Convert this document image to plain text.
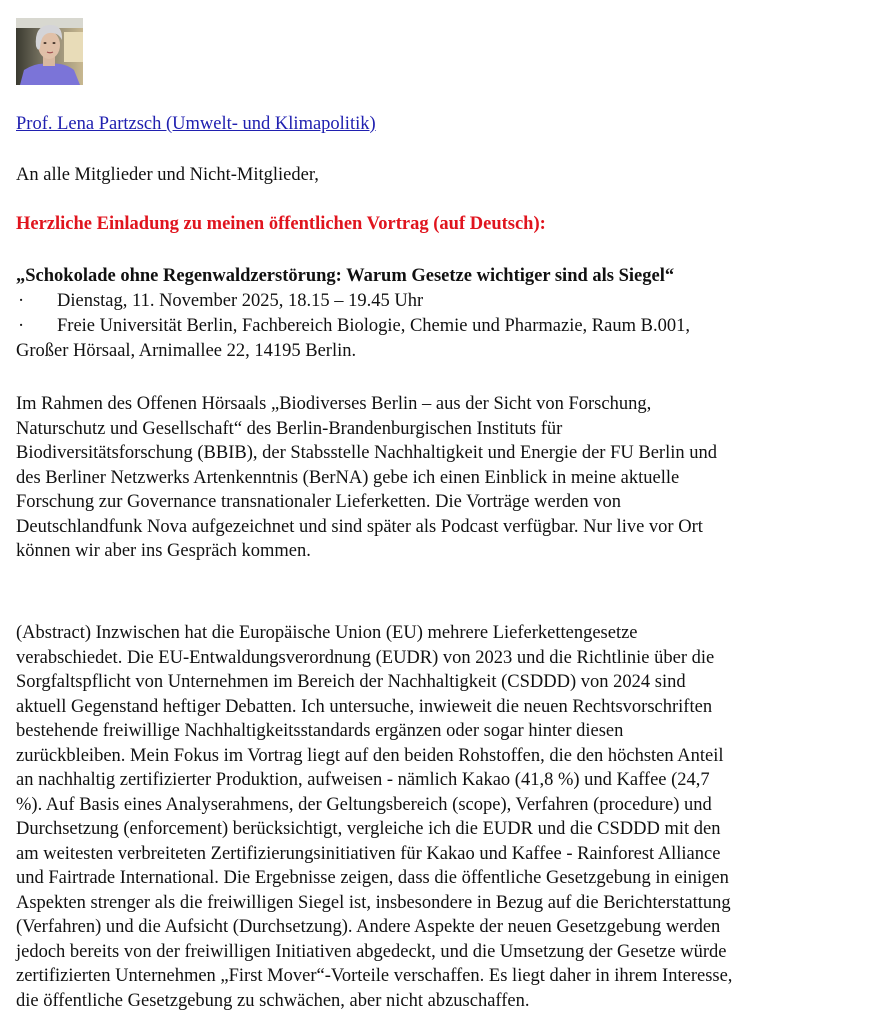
Prof. Lena Partzsch (Umwelt- und Klimapolitik)
An alle Mitglieder und Nicht-Mitglieder,
Herzliche Einladung zu meinen öffentlichen Vortrag (auf Deutsch):
„Schokolade ohne Regenwaldzerstörung: Warum Gesetze wichtiger sind als Siegel“
· Dienstag, 11. November 2025, 18.15 – 19.45 Uhr
· Freie Universität Berlin, Fachbereich Biologie, Chemie und Pharmazie, Raum B.001,
Großer Hörsaal, Arnimallee 22, 14195 Berlin.
Im Rahmen des Offenen Hörsaals „Biodiverses Berlin – aus der Sicht von Forschung,
Naturschutz und Gesellschaft“ des Berlin-Brandenburgischen Instituts für
Biodiversitätsforschung (BBIB), der Stabsstelle Nachhaltigkeit und Energie der FU Berlin und
des Berliner Netzwerks Artenkenntnis (BerNA) gebe ich einen Einblick in meine aktuelle
Forschung zur Governance transnationaler Lieferketten. Die Vorträge werden von
Deutschlandfunk Nova aufgezeichnet und sind später als Podcast verfügbar. Nur live vor Ort
können wir aber ins Gespräch kommen.
(Abstract) Inzwischen hat die Europäische Union (EU) mehrere Lieferkettengesetze
verabschiedet. Die EU-Entwaldungsverordnung (EUDR) von 2023 und die Richtlinie über die
Sorgfaltspflicht von Unternehmen im Bereich der Nachhaltigkeit (CSDDD) von 2024 sind
aktuell Gegenstand heftiger Debatten. Ich untersuche, inwieweit die neuen Rechtsvorschriften
bestehende freiwillige Nachhaltigkeitsstandards ergänzen oder sogar hinter diesen
zurückbleiben. Mein Fokus im Vortrag liegt auf den beiden Rohstoffen, die den höchsten Anteil
an nachhaltig zertifizierter Produktion, aufweisen - nämlich Kakao (41,8 %) und Kaffee (24,7
%). Auf Basis eines Analyserahmens, der Geltungsbereich (scope), Verfahren (procedure) und
Durchsetzung (enforcement) berücksichtigt, vergleiche ich die EUDR und die CSDDD mit den
am weitesten verbreiteten Zertifizierungsinitiativen für Kakao und Kaffee - Rainforest Alliance
und Fairtrade International. Die Ergebnisse zeigen, dass die öffentliche Gesetzgebung in einigen
Aspekten strenger als die freiwilligen Siegel ist, insbesondere in Bezug auf die Berichterstattung
(Verfahren) und die Aufsicht (Durchsetzung). Andere Aspekte der neuen Gesetzgebung werden
jedoch bereits von der freiwilligen Initiativen abgedeckt, und die Umsetzung der Gesetze würde
zertifizierten Unternehmen „First Mover“-Vorteile verschaffen. Es liegt daher in ihrem Interesse,
die öffentliche Gesetzgebung zu schwächen, aber nicht abzuschaffen.
